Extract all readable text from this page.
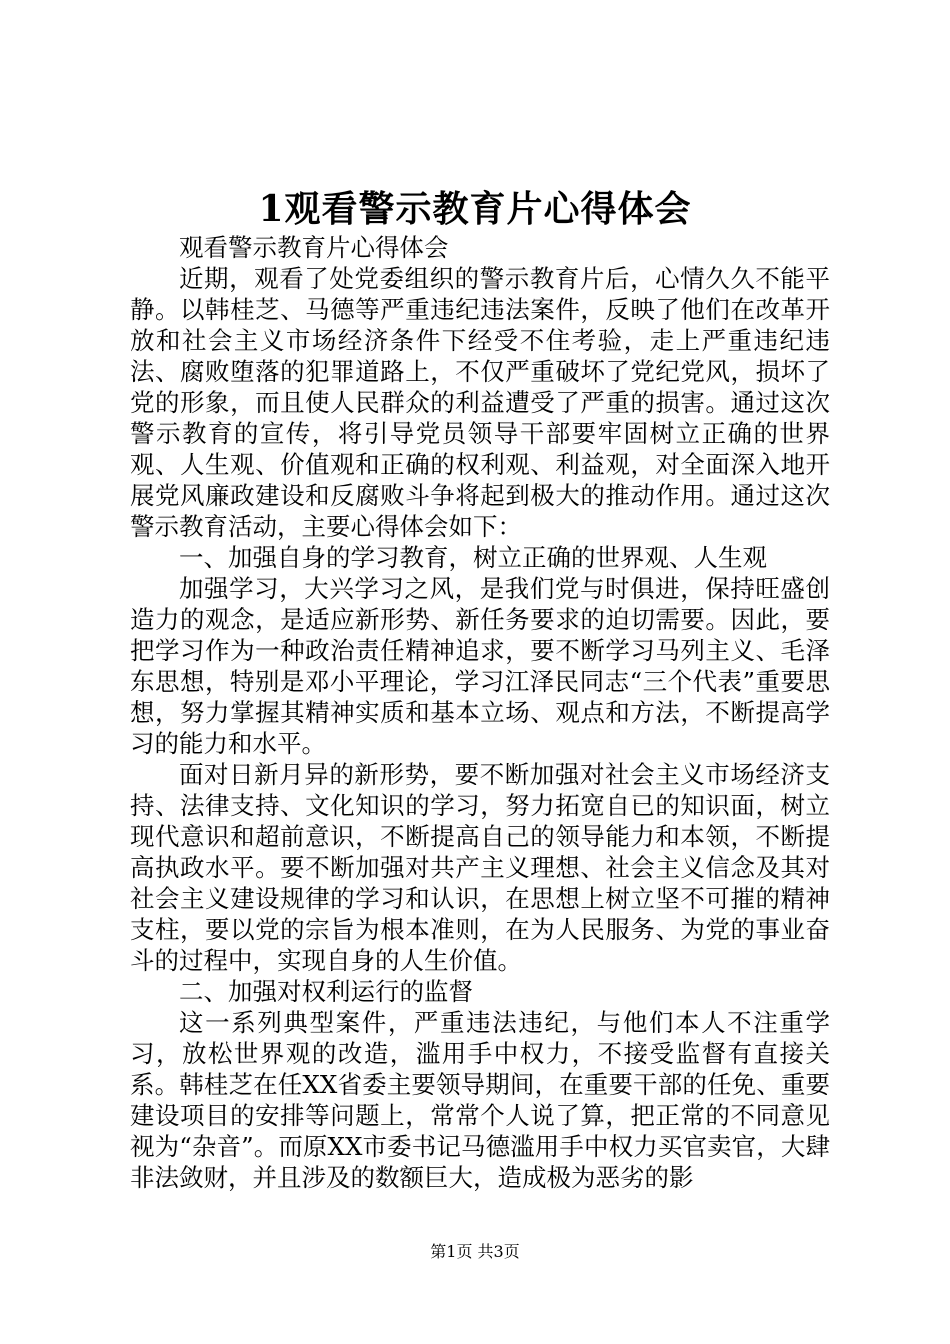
1观看警示教育片心得体会

观看警示教育片心得体会

近期，观看了处党委组织的警示教育片后，心情久久不能平静。以韩桂芝、马德等严重违纪违法案件，反映了他们在改革开放和社会主义市场经济条件下经受不住考验，走上严重违纪违法、腐败堕落的犯罪道路上，不仅严重破坏了党纪党风，损坏了党的形象，而且使人民群众的利益遭受了严重的损害。通过这次警示教育的宣传，将引导党员领导干部要牢固树立正确的世界观、人生观、价值观和正确的权利观、利益观，对全面深入地开展党风廉政建设和反腐败斗争将起到极大的推动作用。通过这次警示教育活动，主要心得体会如下：

一、加强自身的学习教育，树立正确的世界观、人生观

加强学习，大兴学习之风，是我们党与时俱进，保持旺盛创造力的观念，是适应新形势、新任务要求的迫切需要。因此，要把学习作为一种政治责任精神追求，要不断学习马列主义、毛泽东思想，特别是邓小平理论，学习江泽民同志“三个代表”重要思想，努力掌握其精神实质和基本立场、观点和方法，不断提高学习的能力和水平。

面对日新月异的新形势，要不断加强对社会主义市场经济支持、法律支持、文化知识的学习，努力拓宽自已的知识面，树立现代意识和超前意识，不断提高自己的领导能力和本领，不断提高执政水平。要不断加强对共产主义理想、社会主义信念及其对社会主义建设规律的学习和认识，在思想上树立坚不可摧的精神支柱，要以党的宗旨为根本准则，在为人民服务、为党的事业奋斗的过程中，实现自身的人生价值。

二、加强对权利运行的监督

这一系列典型案件，严重违法违纪，与他们本人不注重学习，放松世界观的改造，滥用手中权力，不接受监督有直接关系。韩桂芝在任XX省委主要领导期间，在重要干部的任免、重要建设项目的安排等问题上，常常个人说了算，把正常的不同意见视为“杂音”。而原XX市委书记马德滥用手中权力买官卖官，大肆非法敛财，并且涉及的数额巨大，造成极为恶劣的影

第1页 共3页
